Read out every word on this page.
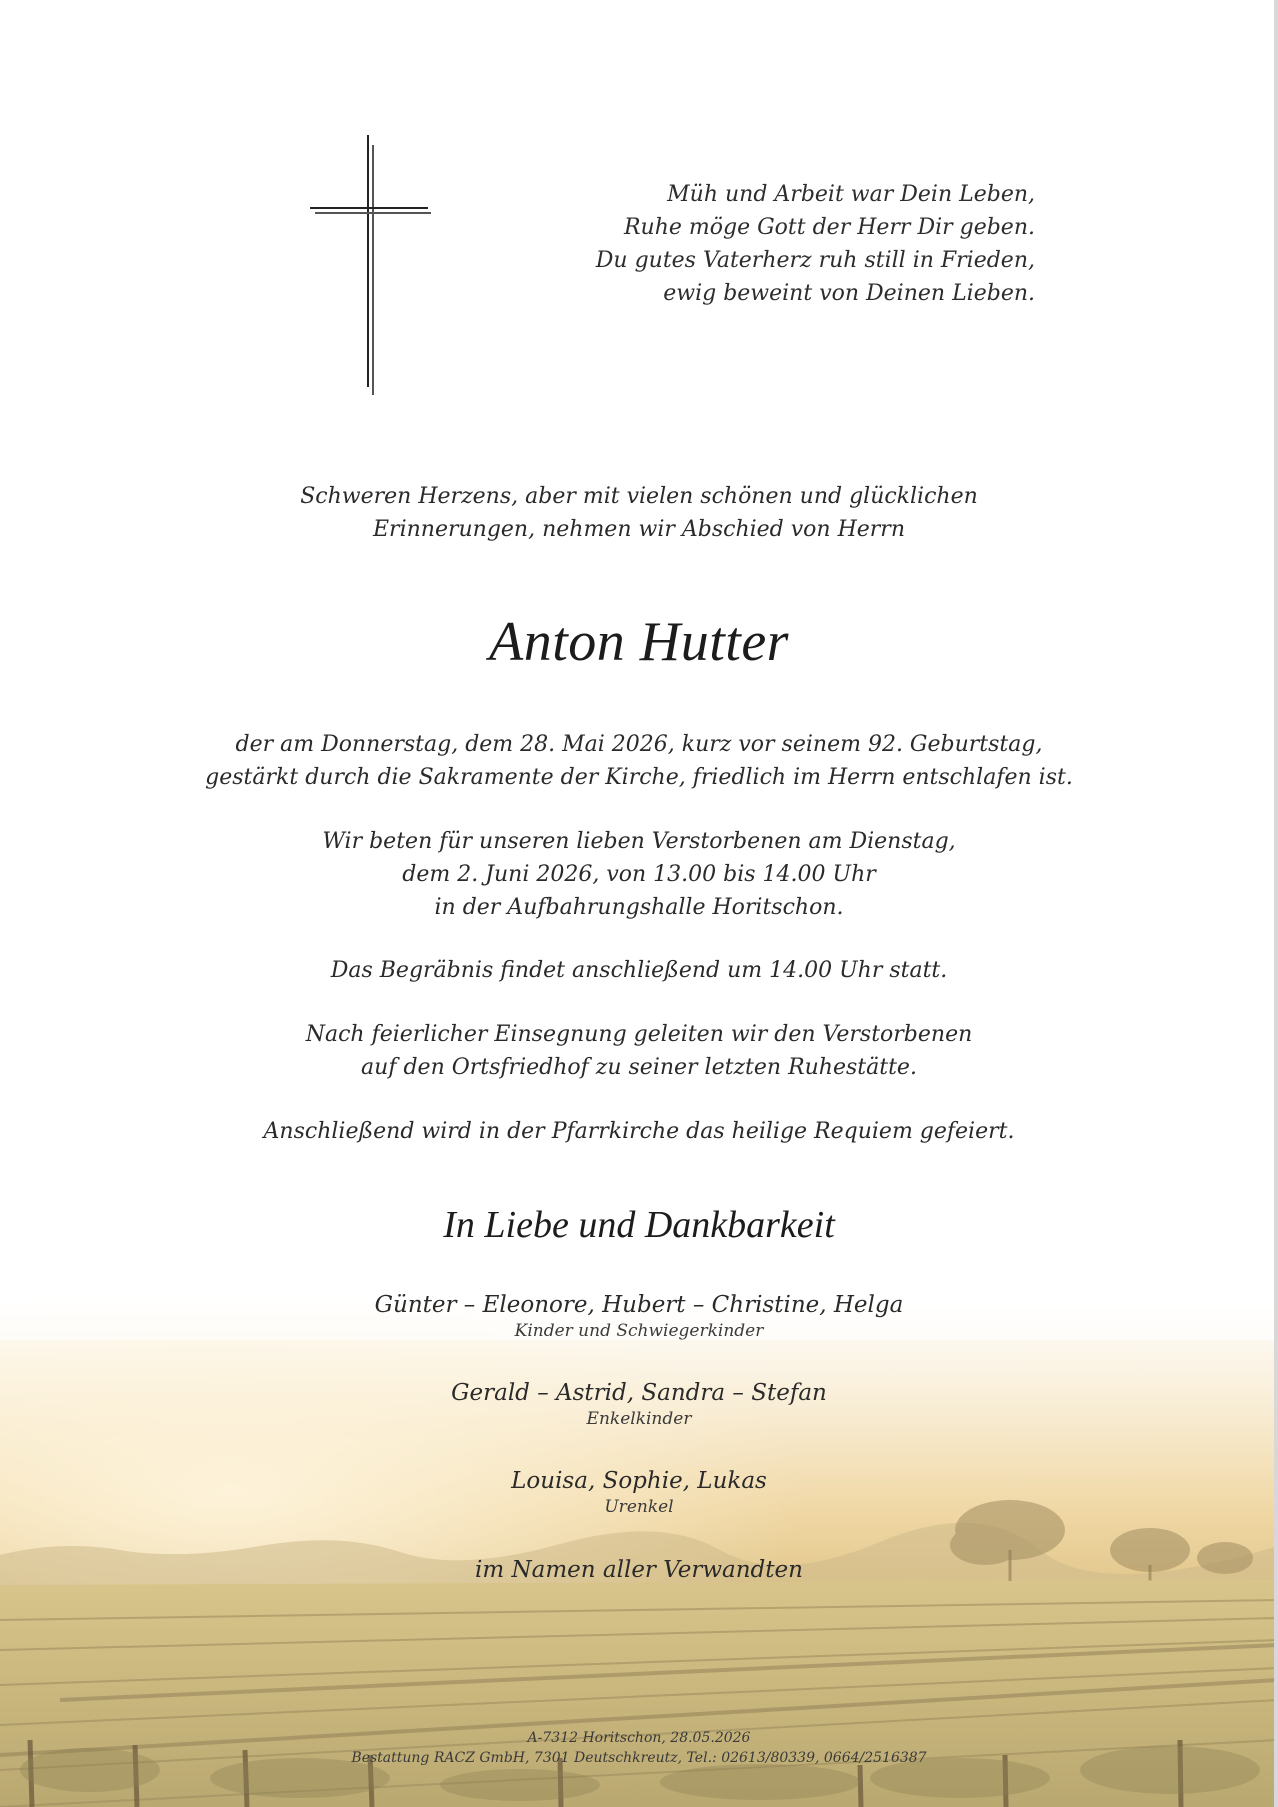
Müh und Arbeit war Dein Leben,
Ruhe möge Gott der Herr Dir geben.
Du gutes Vaterherz ruh still in Frieden,
ewig beweint von Deinen Lieben.
Schweren Herzens, aber mit vielen schönen und glücklichen
Erinnerungen, nehmen wir Abschied von Herrn
Anton Hutter
der am Donnerstag, dem 28. Mai 2026, kurz vor seinem 92. Geburtstag,
gestärkt durch die Sakramente der Kirche, friedlich im Herrn entschlafen ist.
Wir beten für unseren lieben Verstorbenen am Dienstag,
dem 2. Juni 2026, von 13.00 bis 14.00 Uhr
in der Aufbahrungshalle Horitschon.
Das Begräbnis findet anschließend um 14.00 Uhr statt.
Nach feierlicher Einsegnung geleiten wir den Verstorbenen
auf den Ortsfriedhof zu seiner letzten Ruhestätte.
Anschließend wird in der Pfarrkirche das heilige Requiem gefeiert.
In Liebe und Dankbarkeit
Günter – Eleonore, Hubert – Christine, Helga
Kinder und Schwiegerkinder
Gerald – Astrid, Sandra – Stefan
Enkelkinder
Louisa, Sophie, Lukas
Urenkel
im Namen aller Verwandten
A-7312 Horitschon, 28.05.2026
Bestattung RACZ GmbH, 7301 Deutschkreutz, Tel.: 02613/80339, 0664/2516387
